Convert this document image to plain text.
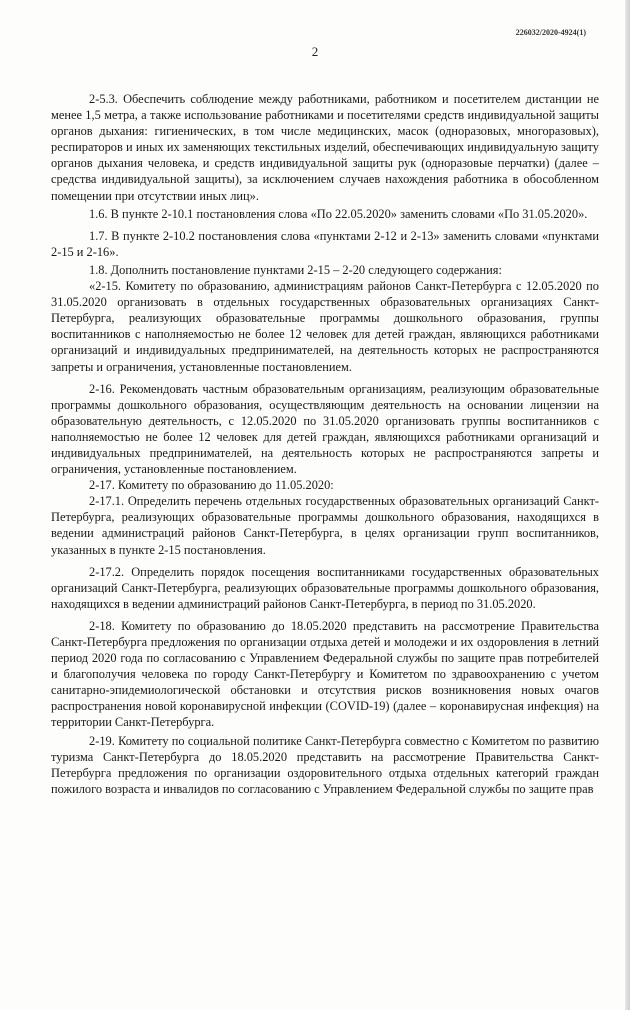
226032/2020-4924(1)
2

2-5.3. Обеспечить соблюдение между работниками, работником и посетителем дистанции не менее 1,5 метра, а также использование работниками и посетителями средств индивидуальной защиты органов дыхания: гигиенических, в том числе медицинских, масок (одноразовых, многоразовых), респираторов и иных их заменяющих текстильных изделий, обеспечивающих индивидуальную защиту органов дыхания человека, и средств индивидуальной защиты рук (одноразовые перчатки) (далее – средства индивидуальной защиты), за исключением случаев нахождения работника в обособленном помещении при отсутствии иных лиц».

1.6. В пункте 2-10.1 постановления слова «По 22.05.2020» заменить словами «По 31.05.2020».

1.7. В пункте 2-10.2 постановления слова «пунктами 2-12 и 2-13» заменить словами «пунктами 2-15 и 2-16».

1.8. Дополнить постановление пунктами 2-15 – 2-20 следующего содержания:

«2-15. Комитету по образованию, администрациям районов Санкт-Петербурга с 12.05.2020 по 31.05.2020 организовать в отдельных государственных образовательных организациях Санкт-Петербурга, реализующих образовательные программы дошкольного образования, группы воспитанников с наполняемостью не более 12 человек для детей граждан, являющихся работниками организаций и индивидуальных предпринимателей, на деятельность которых не распространяются запреты и ограничения, установленные постановлением.

2-16. Рекомендовать частным образовательным организациям, реализующим образовательные программы дошкольного образования, осуществляющим деятельность на основании лицензии на образовательную деятельность, с 12.05.2020 по 31.05.2020 организовать группы воспитанников с наполняемостью не более 12 человек для детей граждан, являющихся работниками организаций и индивидуальных предпринимателей, на деятельность которых не распространяются запреты и ограничения, установленные постановлением.

2-17. Комитету по образованию до 11.05.2020:

2-17.1. Определить перечень отдельных государственных образовательных организаций Санкт-Петербурга, реализующих образовательные программы дошкольного образования, находящихся в ведении администраций районов Санкт-Петербурга, в целях организации групп воспитанников, указанных в пункте 2-15 постановления.

2-17.2. Определить порядок посещения воспитанниками государственных образовательных организаций Санкт-Петербурга, реализующих образовательные программы дошкольного образования, находящихся в ведении администраций районов Санкт-Петербурга, в период по 31.05.2020.

2-18. Комитету по образованию до 18.05.2020 представить на рассмотрение Правительства Санкт-Петербурга предложения по организации отдыха детей и молодежи и их оздоровления в летний период 2020 года по согласованию с Управлением Федеральной службы по защите прав потребителей и благополучия человека по городу Санкт-Петербургу и Комитетом по здравоохранению с учетом санитарно-эпидемиологической обстановки и отсутствия рисков возникновения новых очагов распространения новой коронавирусной инфекции (COVID-19) (далее – коронавирусная инфекция) на территории Санкт-Петербурга.

2-19. Комитету по социальной политике Санкт-Петербурга совместно с Комитетом по развитию туризма Санкт-Петербурга до 18.05.2020 представить на рассмотрение Правительства Санкт-Петербурга предложения по организации оздоровительного отдыха отдельных категорий граждан пожилого возраста и инвалидов по согласованию с Управлением Федеральной службы по защите прав
